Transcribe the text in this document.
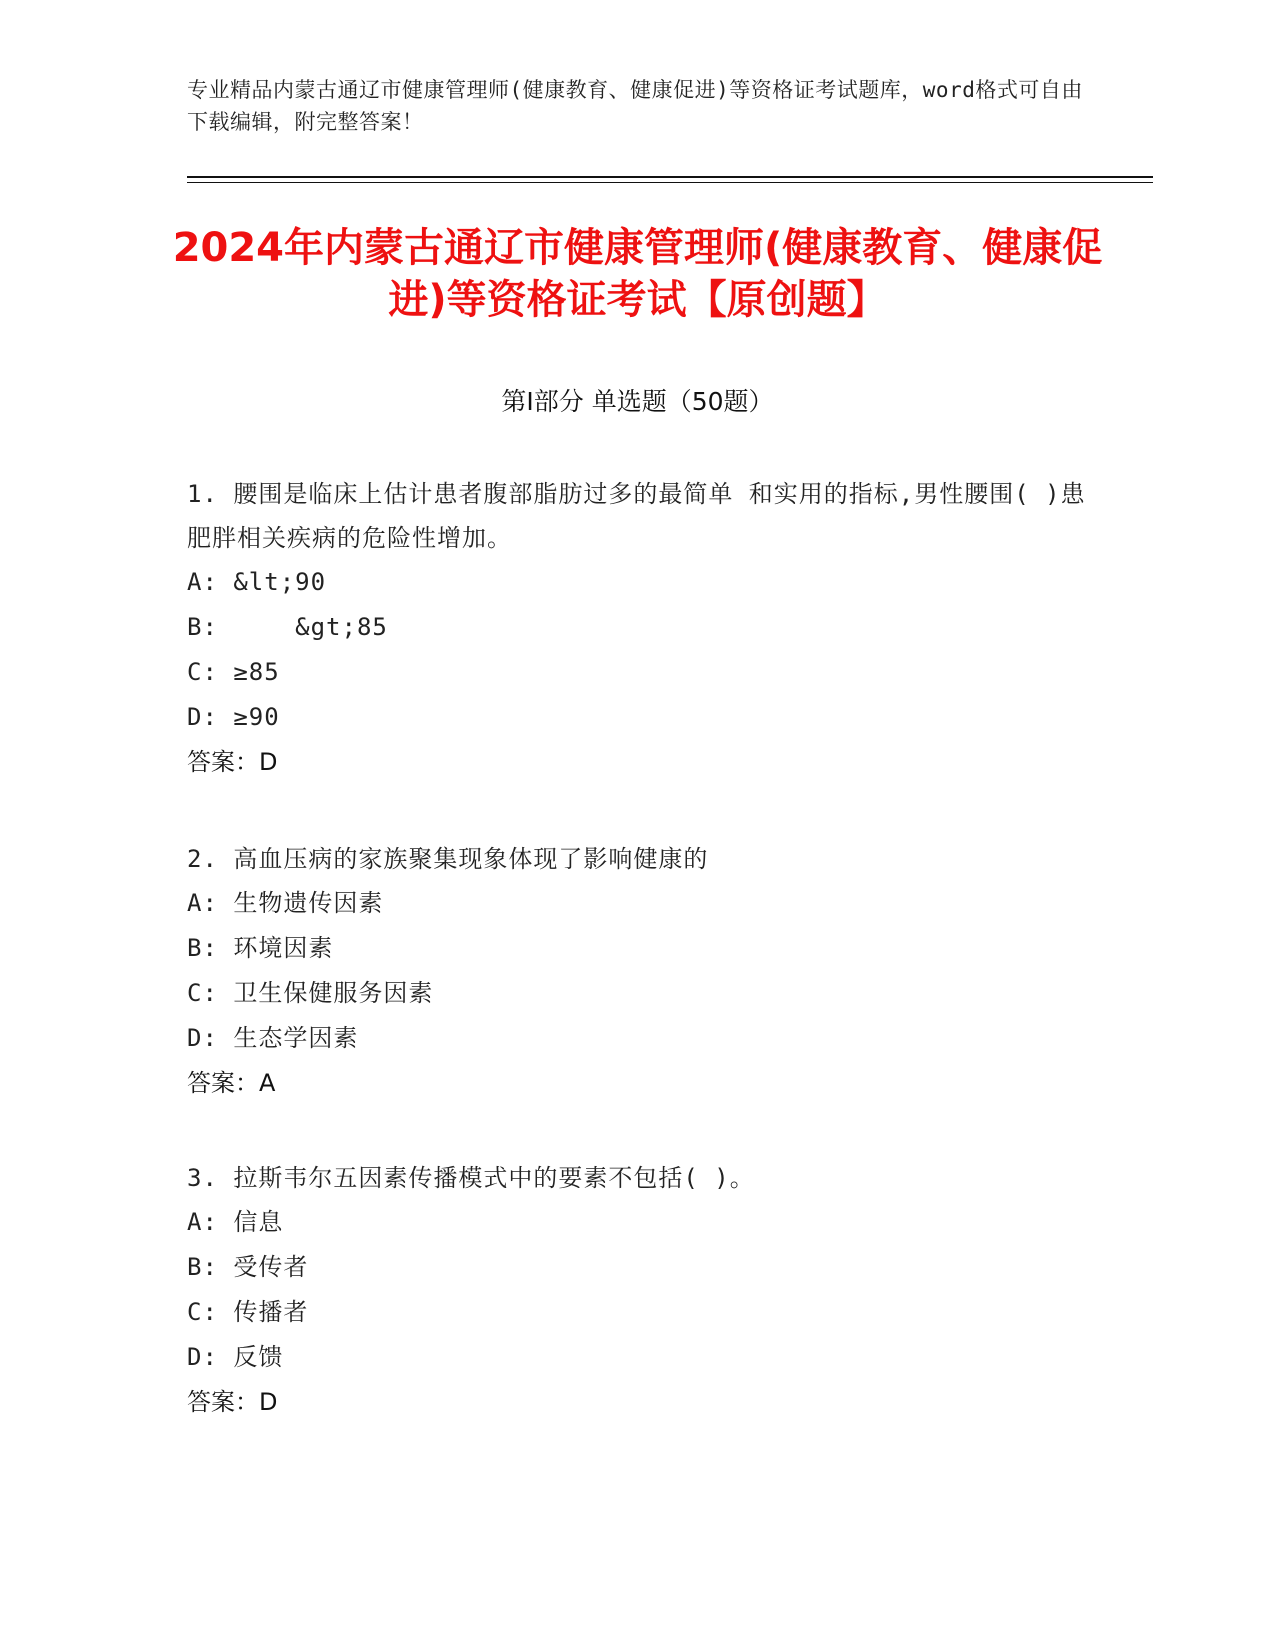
专业精品内蒙古通辽市健康管理师(健康教育、健康促进)等资格证考试题库，word格式可自由下载编辑，附完整答案！
2024年内蒙古通辽市健康管理师(健康教育、健康促进)等资格证考试【原创题】
第Ⅰ部分 单选题（50题）
1. 腰围是临床上估计患者腹部脂肪过多的最简单 和实用的指标,男性腰围( )患肥胖相关疾病的危险性增加。
A: &lt;90
B:     &gt;85
C: ≥85
D: ≥90
答案：D
2. 高血压病的家族聚集现象体现了影响健康的
A: 生物遗传因素
B: 环境因素
C: 卫生保健服务因素
D: 生态学因素
答案：A
3. 拉斯韦尔五因素传播模式中的要素不包括( )。
A: 信息
B: 受传者
C: 传播者
D: 反馈
答案：D
